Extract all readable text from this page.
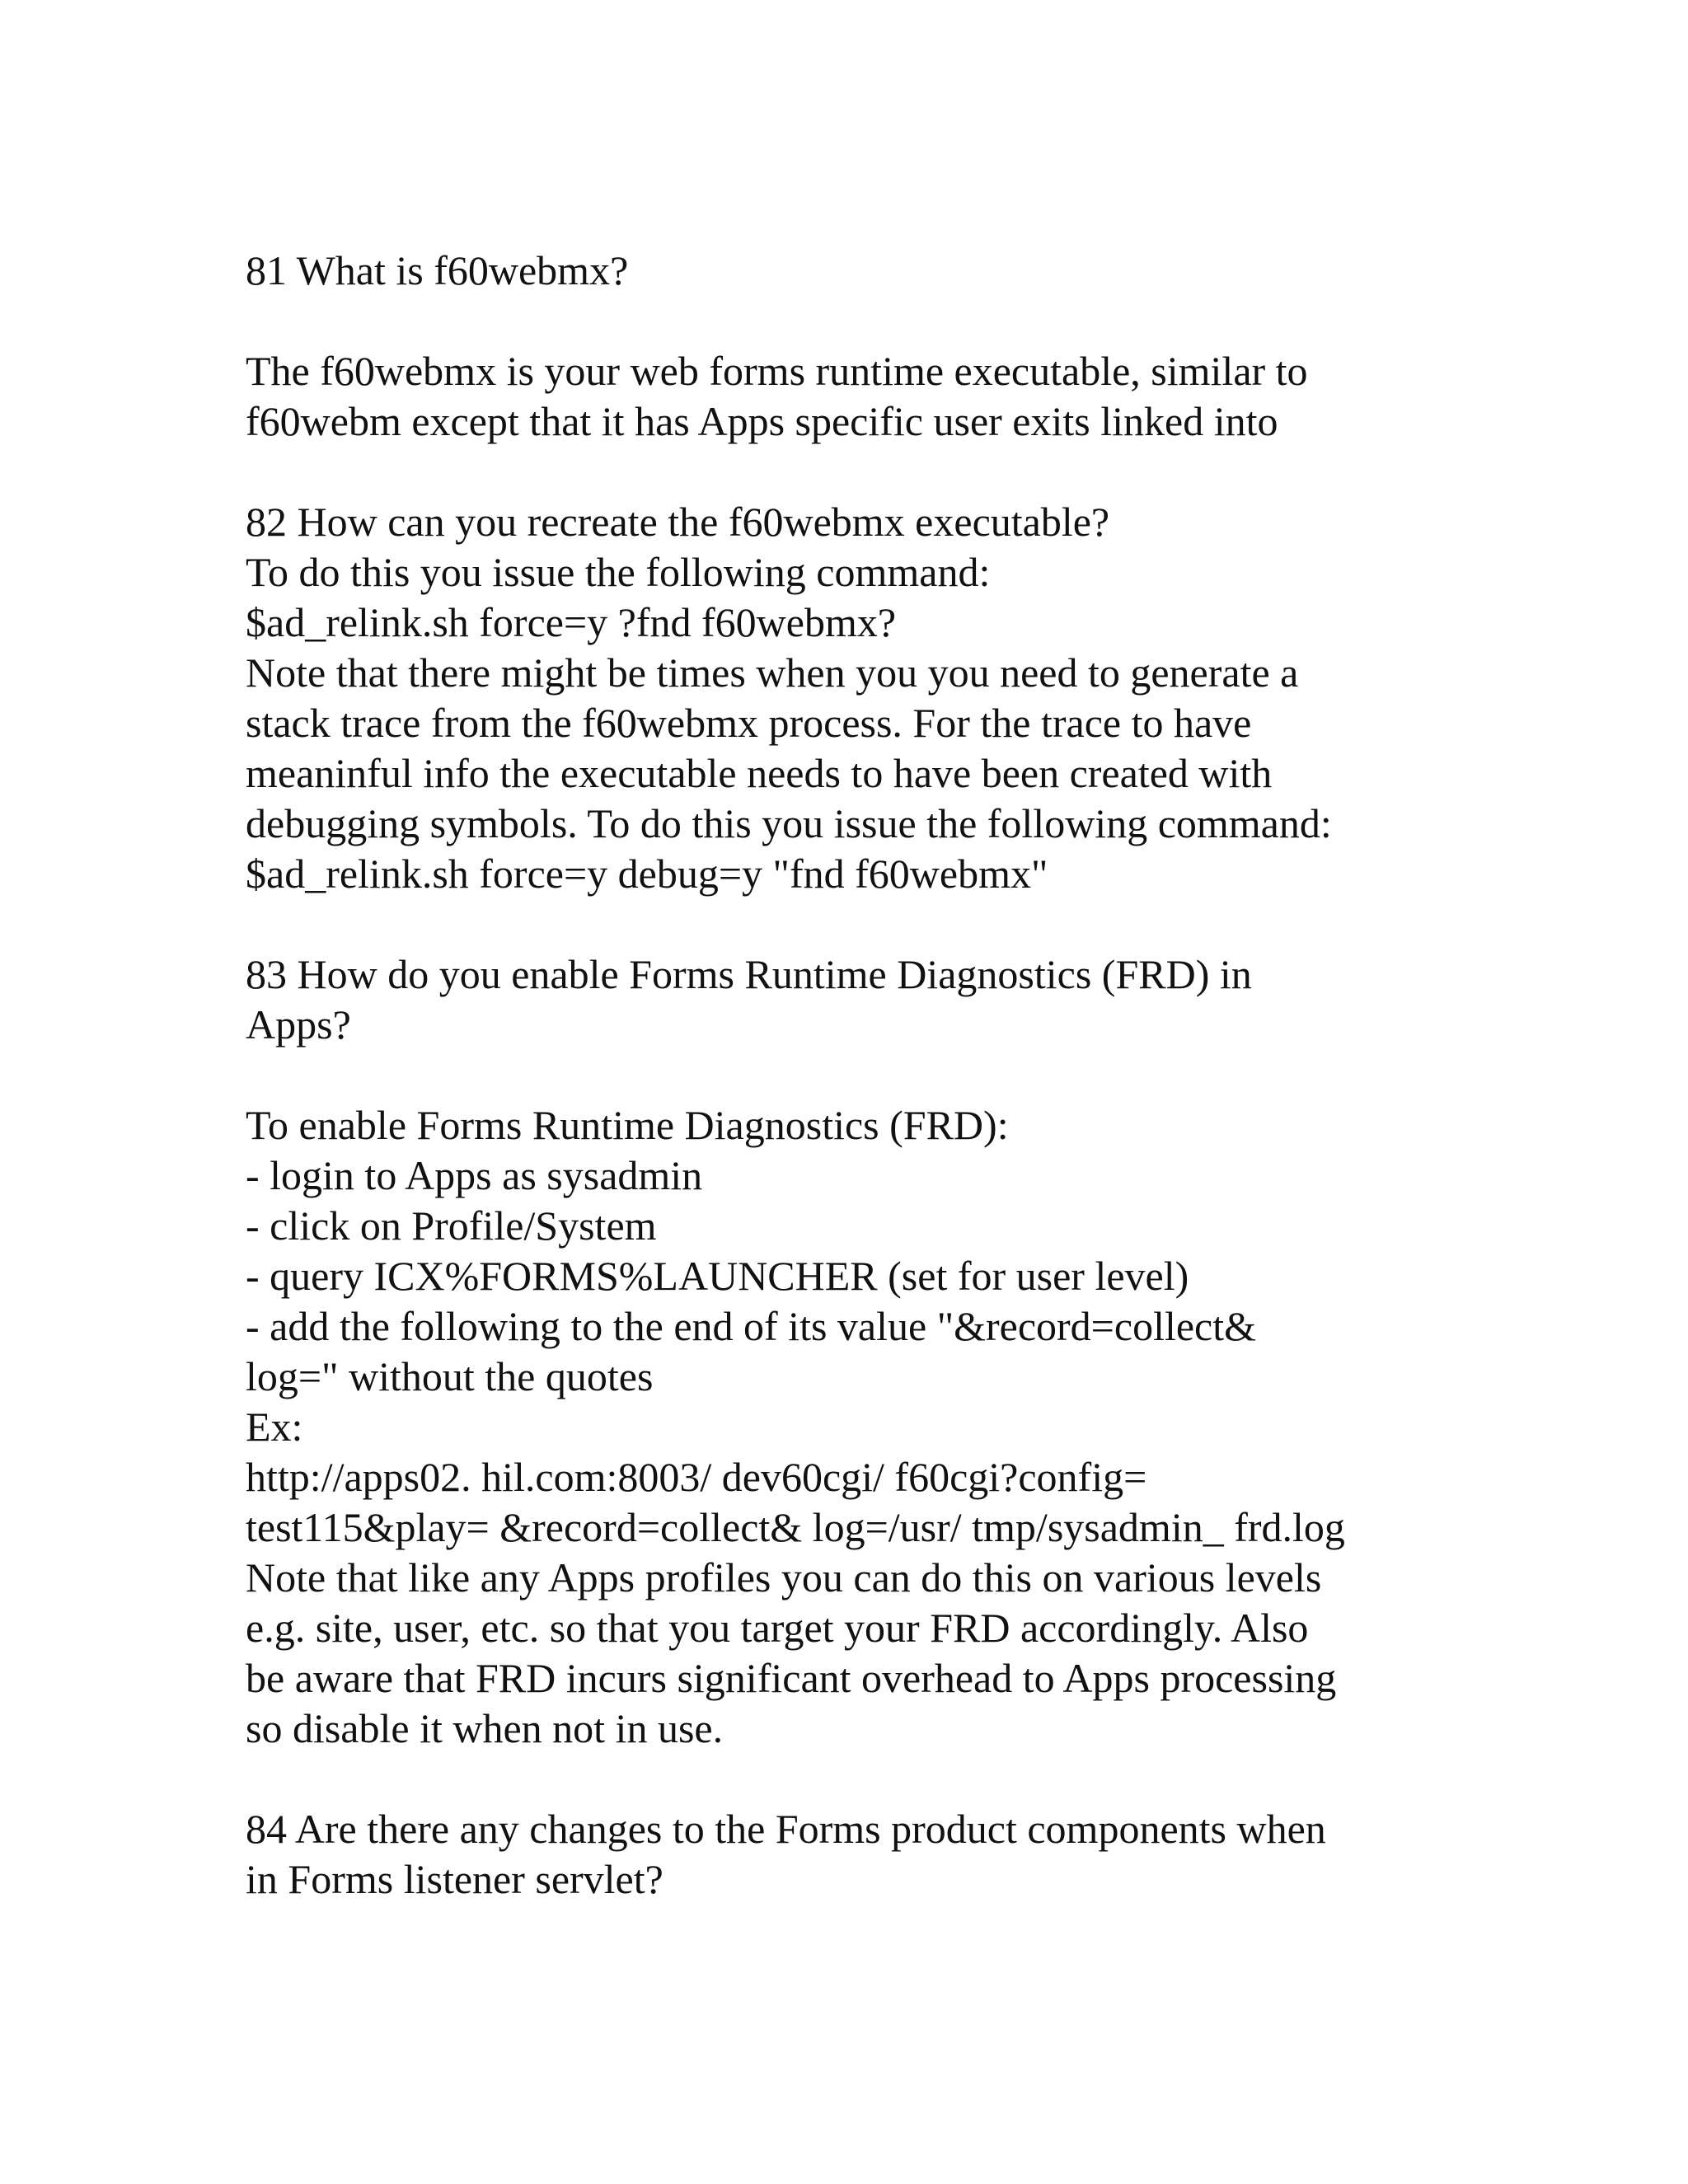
81 What is f60webmx?

The f60webmx is your web forms runtime executable, similar to

f60webm except that it has Apps specific user exits linked into

82 How can you recreate the f60webmx executable?

To do this you issue the following command:

$ad_relink.sh force=y ?fnd f60webmx?

Note that there might be times when you you need to generate a

stack trace from the f60webmx process. For the trace to have

meaninful info the executable needs to have been created with

debugging symbols. To do this you issue the following command:

$ad_relink.sh force=y debug=y "fnd f60webmx"

83 How do you enable Forms Runtime Diagnostics (FRD) in

Apps?

To enable Forms Runtime Diagnostics (FRD):

- login to Apps as sysadmin

- click on Profile/System

- query ICX%FORMS%LAUNCHER (set for user level)

- add the following to the end of its value "&record=collect&

log=" without the quotes

Ex:

http://apps02. hil.com:8003/ dev60cgi/ f60cgi?config=

test115&play= &record=collect& log=/usr/ tmp/sysadmin_ frd.log

Note that like any Apps profiles you can do this on various levels

e.g. site, user, etc. so that you target your FRD accordingly. Also

be aware that FRD incurs significant overhead to Apps processing

so disable it when not in use.

84 Are there any changes to the Forms product components when

in Forms listener servlet?
